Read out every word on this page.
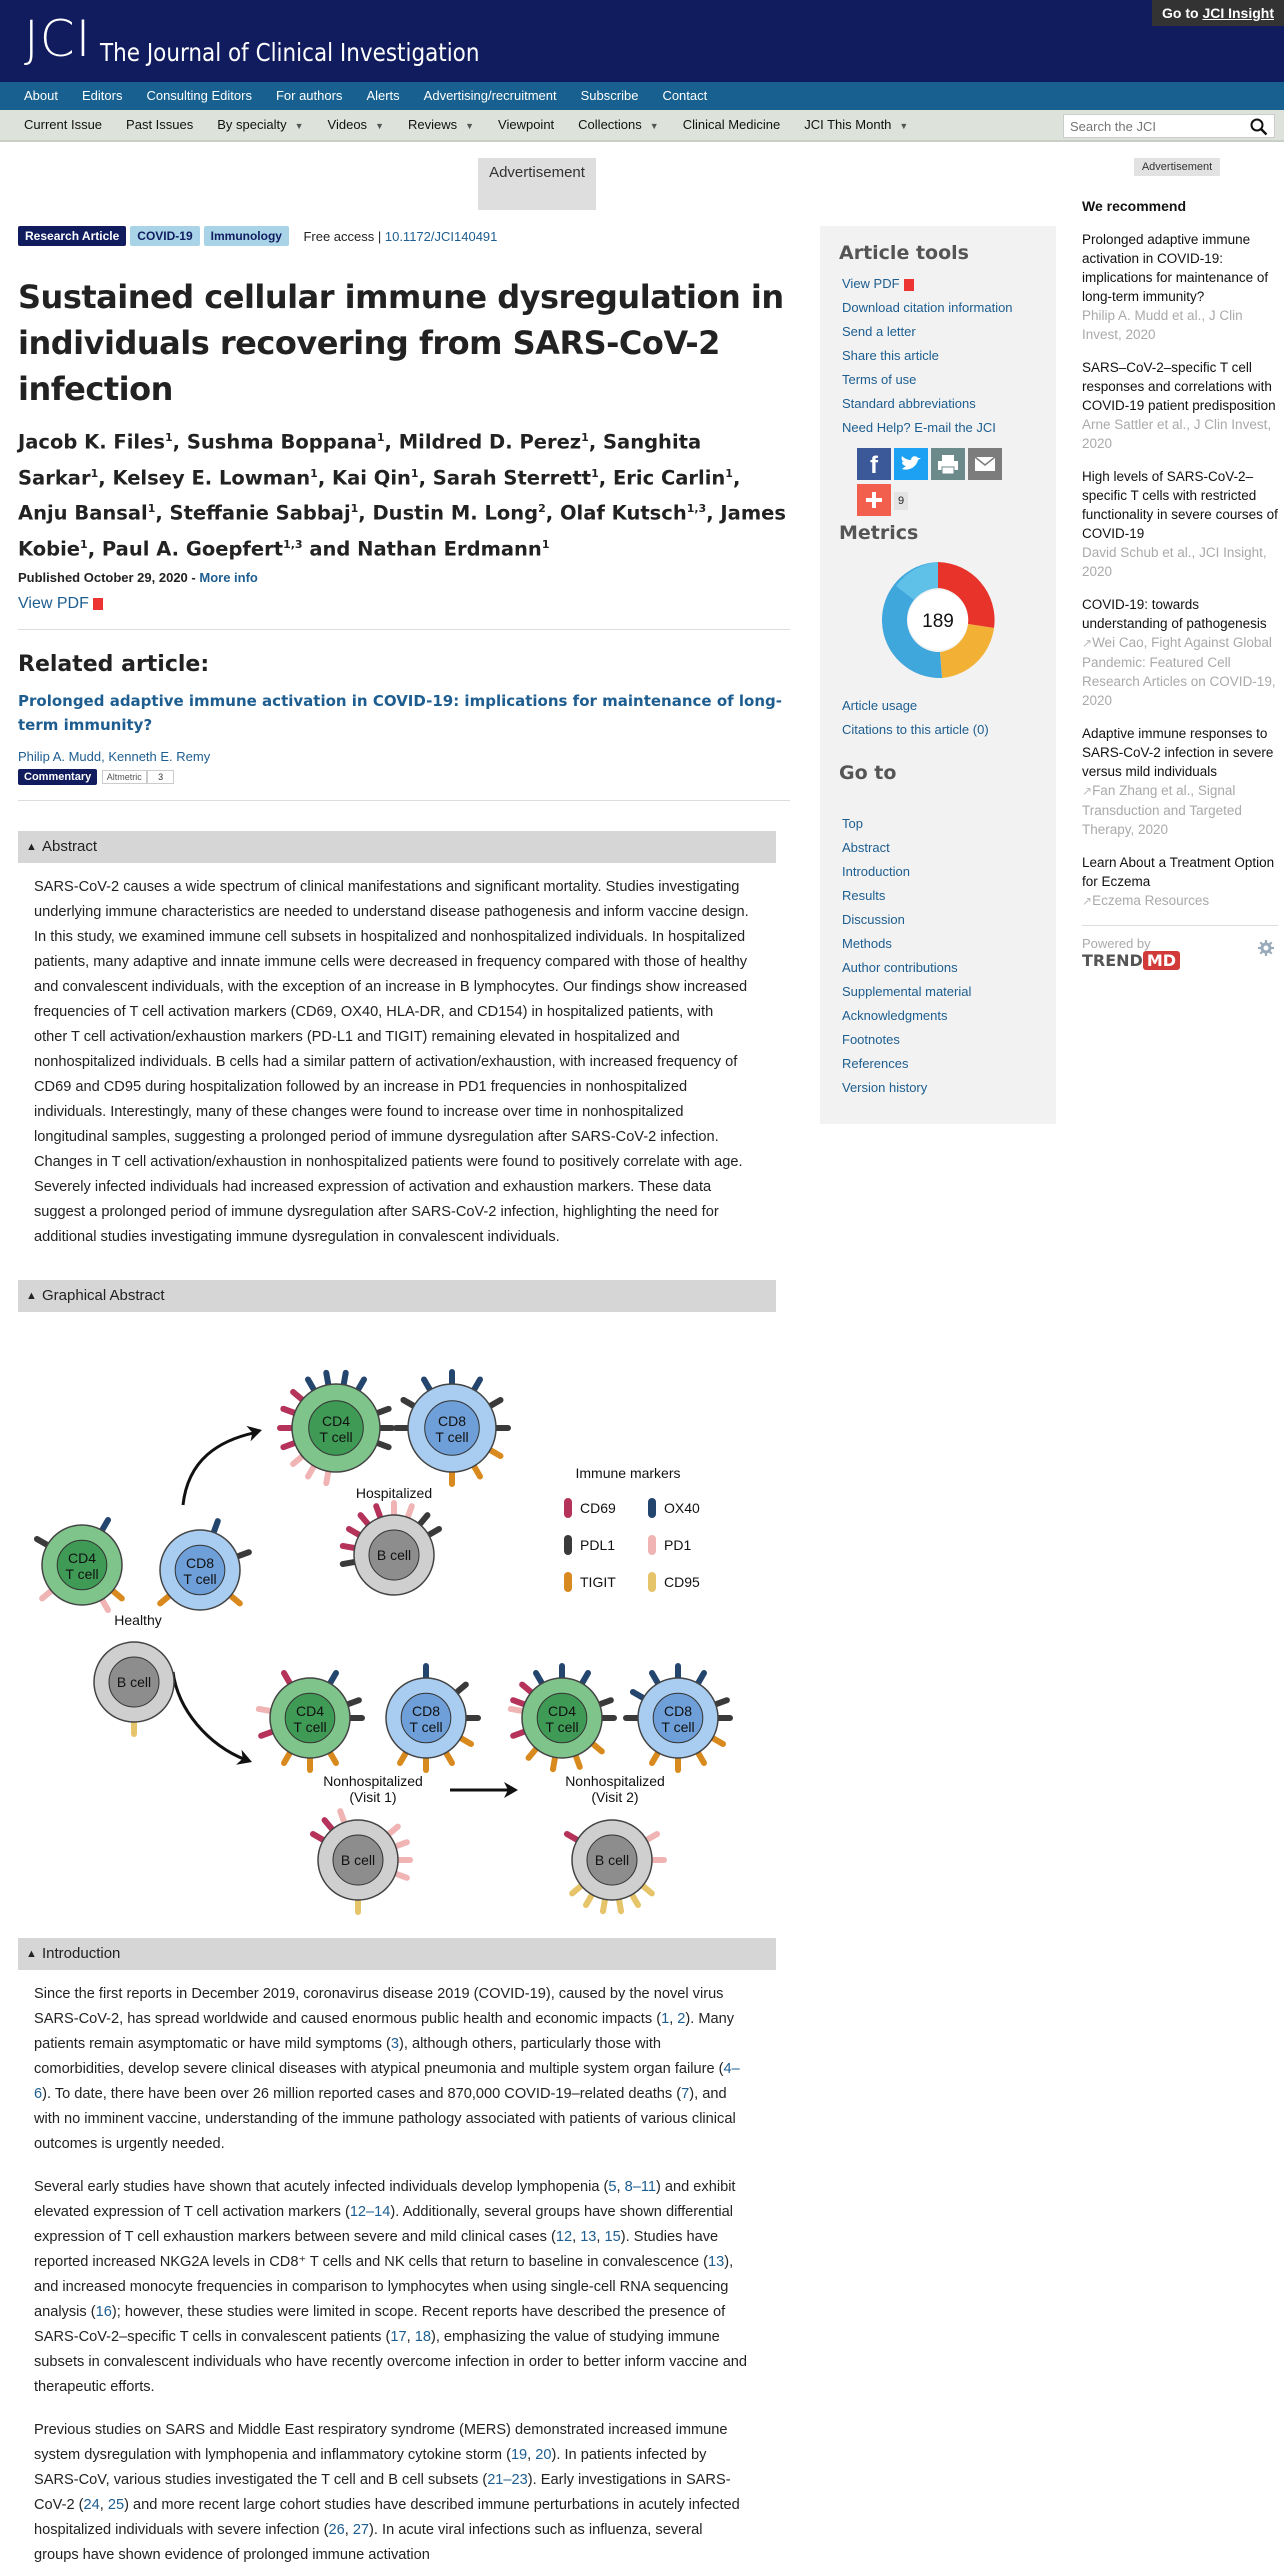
JCI The Journal of Clinical Investigation
Go to JCI Insight
About Editors Consulting Editors For authors Alerts Advertising/recruitment Subscribe Contact
Current Issue Past Issues By specialty ▼ Videos ▼ Reviews ▼ Viewpoint Collections ▼ Clinical Medicine JCI This Month ▼
Search the JCI
Advertisement	Advertisement
Research Article COVID-19 Immunology Free access | 10.1172/JCI140491
Sustained cellular immune dysregulation in individuals recovering from SARS-CoV-2 infection
Jacob K. Files$^1$, Sushma Boppana$^1$, Mildred D. Perez$^1$, Sanghita Sarkar$^1$, Kelsey E. Lowman$^1$, Kai Qin$^1$, Sarah Sterrett$^1$, Eric Carlin$^1$, Anju Bansal$^1$, Steffanie Sabbaj$^1$, Dustin M. Long$^2$, Olaf Kutsch$^{1,3}$, James Kobie$^1$, Paul A. Goepfert$^{1,3}$ and Nathan Erdmann$^1$
Published October 29, 2020 - More info
View PDF
Related article:
Prolonged adaptive immune activation in COVID-19: implications for maintenance of long-term immunity?
Philip A. Mudd, Kenneth E. Remy
Commentary Altmetric 3
▲ Abstract

SARS-CoV-2 causes a wide spectrum of clinical manifestations and significant mortality. Studies investigating underlying immune characteristics are needed to understand disease pathogenesis and inform vaccine design. In this study, we examined immune cell subsets in hospitalized and nonhospitalized individuals. In hospitalized patients, many adaptive and innate immune cells were decreased in frequency compared with those of healthy and convalescent individuals, with the exception of an increase in B lymphocytes. Our findings show increased frequencies of T cell activation markers (CD69, OX40, HLA-DR, and CD154) in hospitalized patients, with other T cell activation/exhaustion markers (PD-L1 and TIGIT) remaining elevated in hospitalized and nonhospitalized individuals. B cells had a similar pattern of activation/exhaustion, with increased frequency of CD69 and CD95 during hospitalization followed by an increase in PD1 frequencies in nonhospitalized individuals. Interestingly, many of these changes were found to increase over time in nonhospitalized longitudinal samples, suggesting a prolonged period of immune dysregulation after SARS-CoV-2 infection. Changes in T cell activation/exhaustion in nonhospitalized patients were found to positively correlate with age. Severely infected individuals had increased expression of activation and exhaustion markers. These data suggest a prolonged period of immune dysregulation after SARS-CoV-2 infection, highlighting the need for additional studies investigating immune dysregulation in convalescent individuals.

▲ Graphical Abstract
CD4
T cell
CD8
T cell
Hospitalized
B cell
CD4
T cell
CD8
T cell
Healthy
B cell
CD4
T cell
CD8
T cell
Nonhospitalized
(Visit 1)
B cell
CD4
T cell
CD8
T cell
Nonhospitalized
(Visit 2)
B cell
Immune markers
CD69	OX40
PDL1	PD1
TIGIT	CD95
▲ Introduction

Since the first reports in December 2019, coronavirus disease 2019 (COVID-19), caused by the novel virus SARS-CoV-2, has spread worldwide and caused enormous public health and economic impacts (1, 2). Many patients remain asymptomatic or have mild symptoms (3), although others, particularly those with comorbidities, develop severe clinical diseases with atypical pneumonia and multiple system organ failure (4–6). To date, there have been over 26 million reported cases and 870,000 COVID-19–related deaths (7), and with no imminent vaccine, understanding of the immune pathology associated with patients of various clinical outcomes is urgently needed.

Several early studies have shown that acutely infected individuals develop lymphopenia (5, 8–11) and exhibit elevated expression of T cell activation markers (12–14). Additionally, several groups have shown differential expression of T cell exhaustion markers between severe and mild clinical cases (12, 13, 15). Studies have reported increased NKG2A levels in CD8⁺ T cells and NK cells that return to baseline in convalescence (13), and increased monocyte frequencies in comparison to lymphocytes when using single-cell RNA sequencing analysis (16); however, these studies were limited in scope. Recent reports have described the presence of SARS-CoV-2–specific T cells in convalescent patients (17, 18), emphasizing the value of studying immune subsets in convalescent individuals who have recently overcome infection in order to better inform vaccine and therapeutic efforts.

Previous studies on SARS and Middle East respiratory syndrome (MERS) demonstrated increased immune system dysregulation with lymphopenia and inflammatory cytokine storm (19, 20). In patients infected by SARS-CoV, various studies investigated the T cell and B cell subsets (21–23). Early investigations in SARS-CoV-2 (24, 25) and more recent large cohort studies have described immune perturbations in acutely infected hospitalized individuals with severe infection (26, 27). In acute viral infections such as influenza, several groups have shown evidence of prolonged immune activation

Article tools
View PDF
Download citation information
Send a letter
Share this article
Terms of use
Standard abbreviations
Need Help? E-mail the JCI
f
9
Metrics
189
Article usage
Citations to this article (0)
Go to
Top
Abstract
Introduction
Results
Discussion
Methods
Author contributions
Supplemental material
Acknowledgments
Footnotes
References
Version history
We recommend
Prolonged adaptive immune activation in COVID-19: implications for maintenance of long-term immunity?
Philip A. Mudd et al., J Clin Invest, 2020
SARS–CoV-2–specific T cell responses and correlations with COVID-19 patient predisposition
Arne Sattler et al., J Clin Invest, 2020
High levels of SARS-CoV-2–specific T cells with restricted functionality in severe courses of COVID-19
David Schub et al., JCI Insight, 2020
COVID-19: towards understanding of pathogenesis
↗Wei Cao, Fight Against Global Pandemic: Featured Cell Research Articles on COVID-19, 2020
Adaptive immune responses to SARS-CoV-2 infection in severe versus mild individuals
↗Fan Zhang et al., Signal Transduction and Targeted Therapy, 2020
Learn About a Treatment Option for Eczema
↗Eczema Resources
Powered by
TREND MD
